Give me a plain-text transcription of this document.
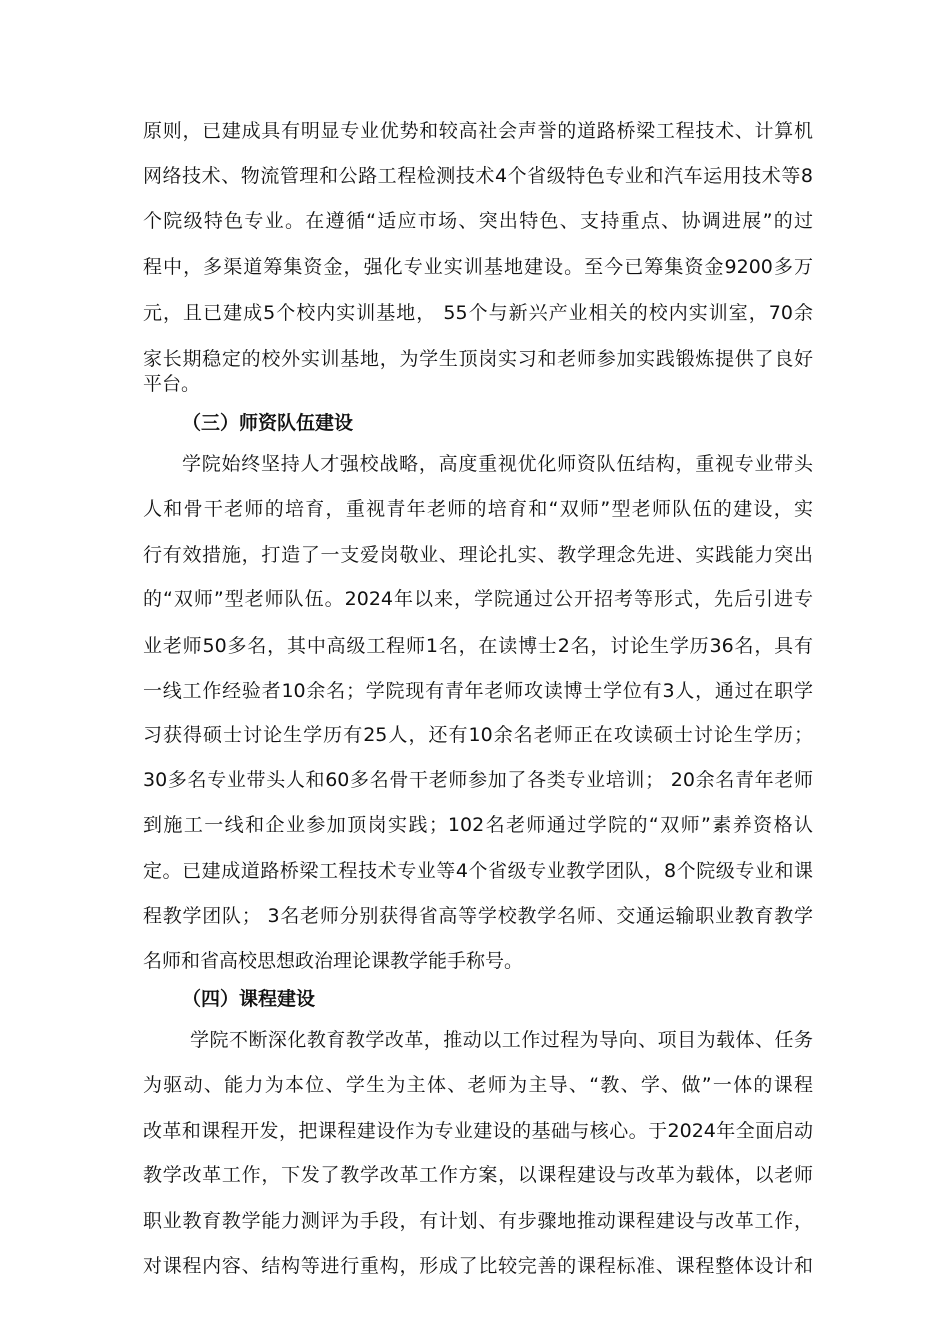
原则，已建成具有明显专业优势和较高社会声誉的道路桥梁工程技术、计算机
网络技术、物流管理和公路工程检测技术4个省级特色专业和汽车运用技术等8
个院级特色专业。在遵循“适应市场、突出特色、支持重点、协调进展”的过
程中，多渠道筹集资金，强化专业实训基地建设。至今已筹集资金9200多万
元，且已建成5个校内实训基地， 55个与新兴产业相关的校内实训室，70余
家长期稳定的校外实训基地，为学生顶岗实习和老师参加实践锻炼提供了良好
平台。
（三）师资队伍建设
学院始终坚持人才强校战略，高度重视优化师资队伍结构，重视专业带头
人和骨干老师的培育，重视青年老师的培育和“双师”型老师队伍的建设，实
行有效措施，打造了一支爱岗敬业、理论扎实、教学理念先进、实践能力突出
的“双师”型老师队伍。2024年以来，学院通过公开招考等形式，先后引进专
业老师50多名，其中高级工程师1名，在读博士2名，讨论生学历36名，具有
一线工作经验者10余名；学院现有青年老师攻读博士学位有3人，通过在职学
习获得硕士讨论生学历有25人，还有10余名老师正在攻读硕士讨论生学历；
30多名专业带头人和60多名骨干老师参加了各类专业培训； 20余名青年老师
到施工一线和企业参加顶岗实践；102名老师通过学院的“双师”素养资格认
定。已建成道路桥梁工程技术专业等4个省级专业教学团队，8个院级专业和课
程教学团队； 3名老师分别获得省高等学校教学名师、交通运输职业教育教学
名师和省高校思想政治理论课教学能手称号。
（四）课程建设
学院不断深化教育教学改革，推动以工作过程为导向、项目为载体、任务
为驱动、能力为本位、学生为主体、老师为主导、“教、学、做”一体的课程
改革和课程开发，把课程建设作为专业建设的基础与核心。于2024年全面启动
教学改革工作，下发了教学改革工作方案，以课程建设与改革为载体，以老师
职业教育教学能力测评为手段，有计划、有步骤地推动课程建设与改革工作，
对课程内容、结构等进行重构，形成了比较完善的课程标准、课程整体设计和
